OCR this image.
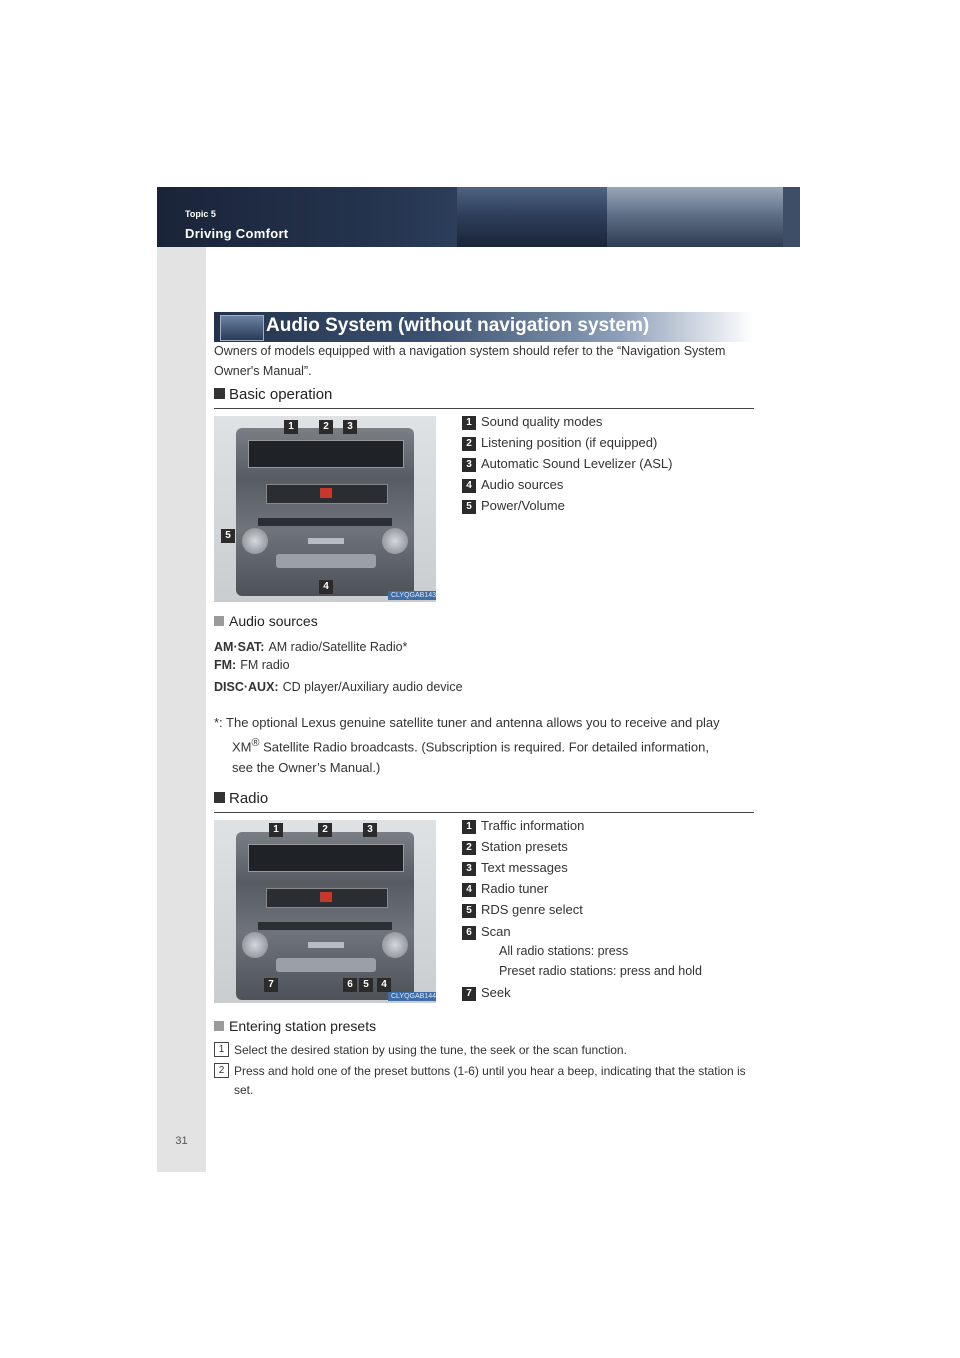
Topic 5
Driving Comfort
31
Audio System (without navigation system)
Owners of models equipped with a navigation system should refer to the “Navigation System Owner's Manual”.
Basic operation
1	2	3
5
4
CLYQGAB143
1 Sound quality modes
2 Listening position (if equipped)
3 Automatic Sound Levelizer (ASL)
4 Audio sources
5 Power/Volume
Audio sources
AM·SAT: AM radio/Satellite Radio*
FM: FM radio
DISC·AUX: CD player/Auxiliary audio device
*: The optional Lexus genuine satellite tuner and antenna allows you to receive and play
XM® Satellite Radio broadcasts. (Subscription is required. For detailed information,
see the Owner’s Manual.)
Radio
1	2	3
7	6	5	4
CLYQGAB144
1 Traffic information
2 Station presets
3 Text messages
4 Radio tuner
5 RDS genre select
6 Scan
All radio stations: press
Preset radio stations: press and hold
7 Seek
Entering station presets
1 Select the desired station by using the tune, the seek or the scan function.
2 Press and hold one of the preset buttons (1-6) until you hear a beep, indicating that the station is set.
